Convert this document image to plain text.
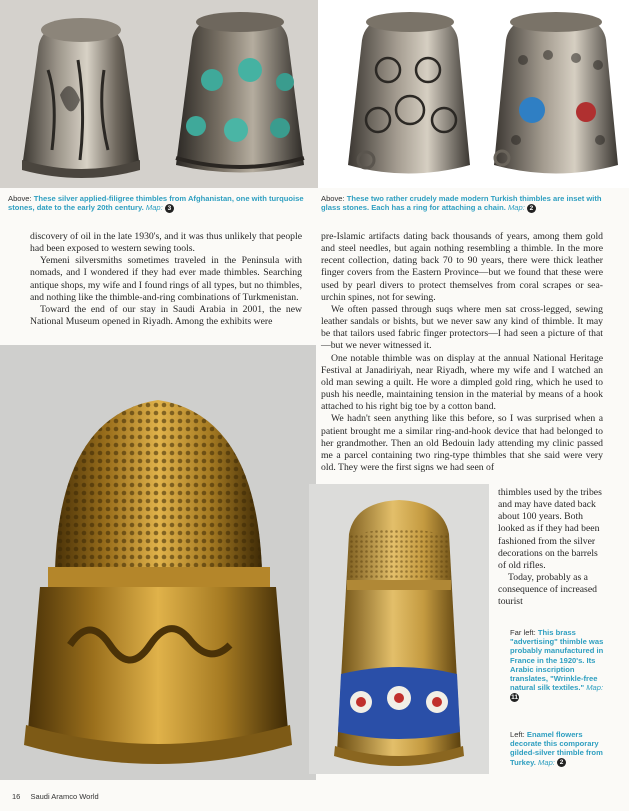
Above: These silver applied-filigree thimbles from Afghanistan, one with turquoise stones, date to the early 20th century. Map: 3
Above: These two rather crudely made modern Turkish thimbles are inset with glass stones. Each has a ring for attaching a chain. Map: 2

discovery of oil in the late 1930's, and it was thus unlikely that people had been exposed to western sewing tools.

Yemeni silversmiths sometimes traveled in the Peninsula with nomads, and I wondered if they had ever made thimbles. Searching antique shops, my wife and I found rings of all types, but no thimbles, and nothing like the thimble-and-ring combinations of Turkmenistan.

Toward the end of our stay in Saudi Arabia in 2001, the new National Museum opened in Riyadh. Among the exhibits were

pre-Islamic artifacts dating back thousands of years, among them gold and steel needles, but again nothing resembling a thimble. In the more recent collection, dating back 70 to 90 years, there were thick leather finger covers from the Eastern Province—but we found that these were used by pearl divers to protect themselves from coral scrapes or sea-urchin spines, not for sewing.

We often passed through suqs where men sat cross-legged, sewing leather sandals or bishts, but we never saw any kind of thimble. It may be that tailors used fabric finger protectors—I had seen a picture of that—but we never witnessed it.

One notable thimble was on display at the annual National Heritage Festival at Janadiriyah, near Riyadh, where my wife and I watched an old man sewing a quilt. He wore a dimpled gold ring, which he used to push his needle, maintaining tension in the material by means of a hook attached to his right big toe by a cotton band.

We hadn't seen anything like this before, so I was surprised when a patient brought me a similar ring-and-hook device that had belonged to her grandmother. Then an old Bedouin lady attending my clinic passed me a parcel containing two ring-type thimbles that she said were very old. They were the first signs we had seen of

thimbles used by the tribes and may have dated back about 100 years. Both looked as if they had been fashioned from the silver decorations on the barrels of old rifles.

Today, probably as a consequence of increased tourist

Far left: This brass "advertising" thimble was probably manufactured in France in the 1920's. Its Arabic inscription translates, "Wrinkle-free natural silk textiles." Map: 11
Left: Enamel flowers decorate this comporary gilded-silver thimble from Turkey. Map: 2
16 Saudi Aramco World
